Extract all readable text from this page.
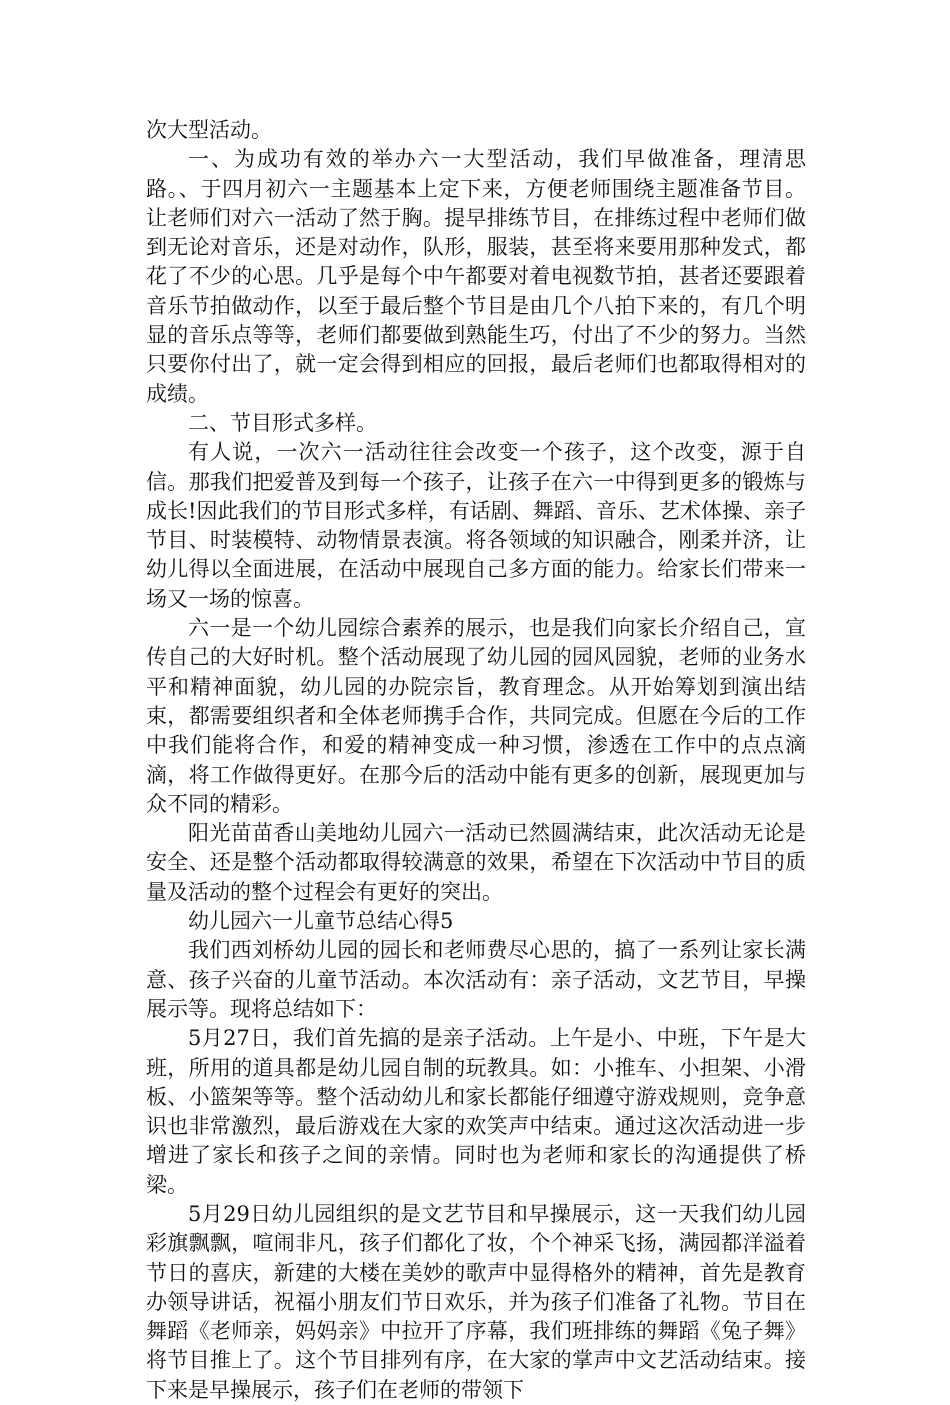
次大型活动。

一、为成功有效的举办六一大型活动，我们早做准备，理清思路。、于四月初六一主题基本上定下来，方便老师围绕主题准备节目。让老师们对六一活动了然于胸。提早排练节目，在排练过程中老师们做到无论对音乐，还是对动作，队形，服装，甚至将来要用那种发式，都花了不少的心思。几乎是每个中午都要对着电视数节拍，甚者还要跟着音乐节拍做动作，以至于最后整个节目是由几个八拍下来的，有几个明显的音乐点等等，老师们都要做到熟能生巧，付出了不少的努力。当然只要你付出了，就一定会得到相应的回报，最后老师们也都取得相对的成绩。

二、节目形式多样。

有人说，一次六一活动往往会改变一个孩子，这个改变，源于自信。那我们把爱普及到每一个孩子，让孩子在六一中得到更多的锻炼与成长!因此我们的节目形式多样，有话剧、舞蹈、音乐、艺术体操、亲子节目、时装模特、动物情景表演。将各领域的知识融合，刚柔并济，让幼儿得以全面进展，在活动中展现自己多方面的能力。给家长们带来一场又一场的惊喜。

六一是一个幼儿园综合素养的展示，也是我们向家长介绍自己，宣传自己的大好时机。整个活动展现了幼儿园的园风园貌，老师的业务水平和精神面貌，幼儿园的办院宗旨，教育理念。从开始筹划到演出结束，都需要组织者和全体老师携手合作，共同完成。但愿在今后的工作中我们能将合作，和爱的精神变成一种习惯，渗透在工作中的点点滴滴，将工作做得更好。在那今后的活动中能有更多的创新，展现更加与众不同的精彩。

阳光苗苗香山美地幼儿园六一活动已然圆满结束，此次活动无论是安全、还是整个活动都取得较满意的效果，希望在下次活动中节目的质量及活动的整个过程会有更好的突出。

幼儿园六一儿童节总结心得5

我们西刘桥幼儿园的园长和老师费尽心思的，搞了一系列让家长满意、孩子兴奋的儿童节活动。本次活动有：亲子活动，文艺节目，早操展示等。现将总结如下：

5月27日，我们首先搞的是亲子活动。上午是小、中班，下午是大班，所用的道具都是幼儿园自制的玩教具。如：小推车、小担架、小滑板、小篮架等等。整个活动幼儿和家长都能仔细遵守游戏规则，竞争意识也非常激烈，最后游戏在大家的欢笑声中结束。通过这次活动进一步增进了家长和孩子之间的亲情。同时也为老师和家长的沟通提供了桥梁。

5月29日幼儿园组织的是文艺节目和早操展示，这一天我们幼儿园彩旗飘飘，喧闹非凡，孩子们都化了妆，个个神采飞扬，满园都洋溢着节日的喜庆，新建的大楼在美妙的歌声中显得格外的精神，首先是教育办领导讲话，祝福小朋友们节日欢乐，并为孩子们准备了礼物。节目在舞蹈《老师亲，妈妈亲》中拉开了序幕，我们班排练的舞蹈《兔子舞》将节目推上了。这个节目排列有序，在大家的掌声中文艺活动结束。接下来是早操展示，孩子们在老师的带领下
